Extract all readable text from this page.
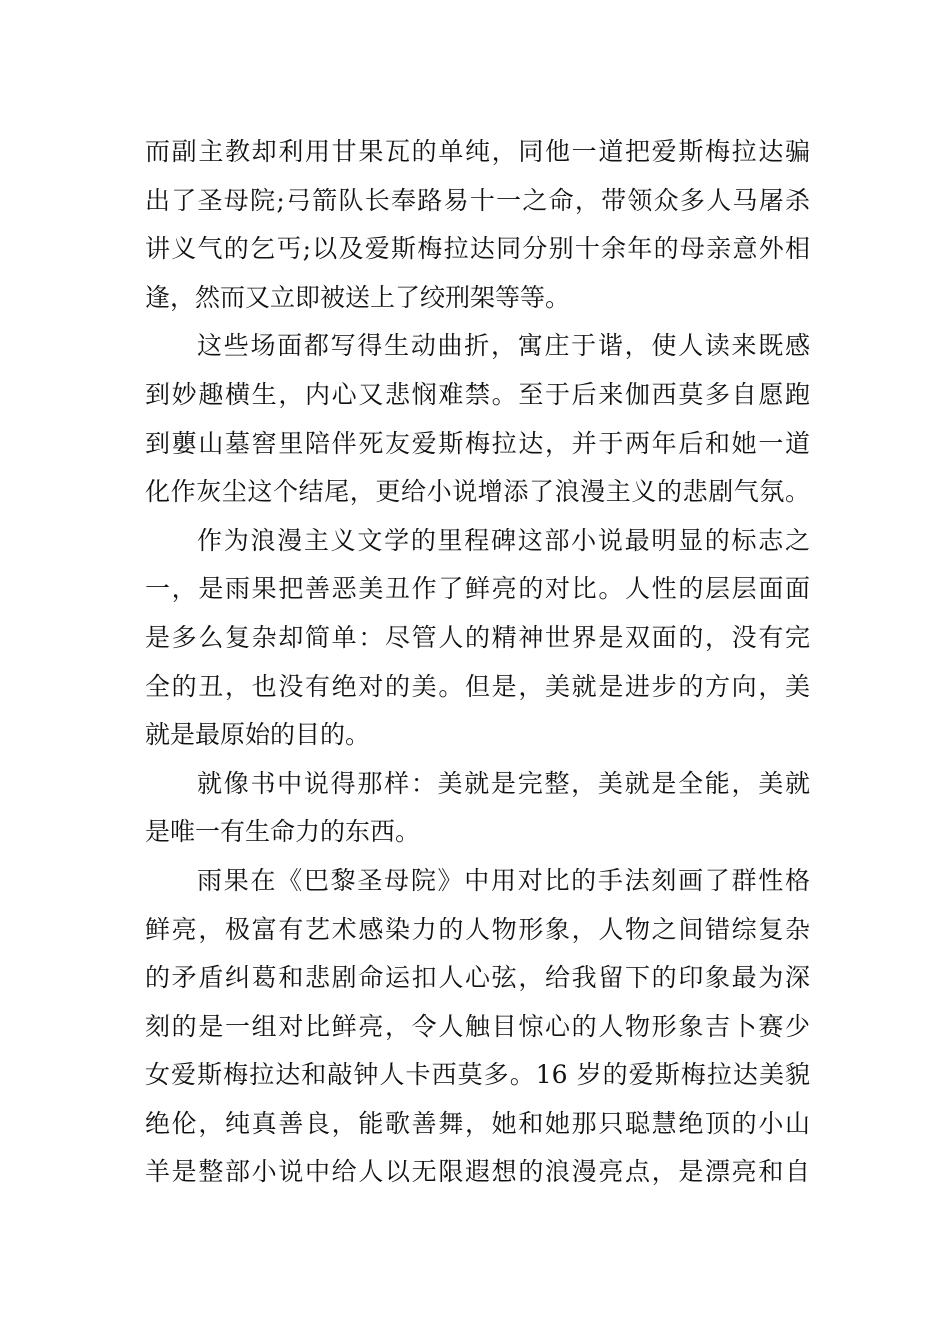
而副主教却利用甘果瓦的单纯，同他一道把爱斯梅拉达骗
出了圣母院;弓箭队长奉路易十一之命，带领众多人马屠杀
讲义气的乞丐;以及爱斯梅拉达同分别十余年的母亲意外相
逢，然而又立即被送上了绞刑架等等。
这些场面都写得生动曲折，寓庄于谐，使人读来既感
到妙趣横生，内心又悲悯难禁。至于后来伽西莫多自愿跑
到蘡山墓窖里陪伴死友爱斯梅拉达，并于两年后和她一道
化作灰尘这个结尾，更给小说增添了浪漫主义的悲剧气氛。
作为浪漫主义文学的里程碑这部小说最明显的标志之
一，是雨果把善恶美丑作了鲜亮的对比。人性的层层面面
是多么复杂却简单：尽管人的精神世界是双面的，没有完
全的丑，也没有绝对的美。但是，美就是进步的方向，美
就是最原始的目的。
就像书中说得那样：美就是完整，美就是全能，美就
是唯一有生命力的东西。
雨果在《巴黎圣母院》中用对比的手法刻画了群性格
鲜亮，极富有艺术感染力的人物形象，人物之间错综复杂
的矛盾纠葛和悲剧命运扣人心弦，给我留下的印象最为深
刻的是一组对比鲜亮，令人触目惊心的人物形象吉卜赛少
女爱斯梅拉达和敲钟人卡西莫多。16 岁的爱斯梅拉达美貌
绝伦，纯真善良，能歌善舞，她和她那只聪慧绝顶的小山
羊是整部小说中给人以无限遐想的浪漫亮点，是漂亮和自
